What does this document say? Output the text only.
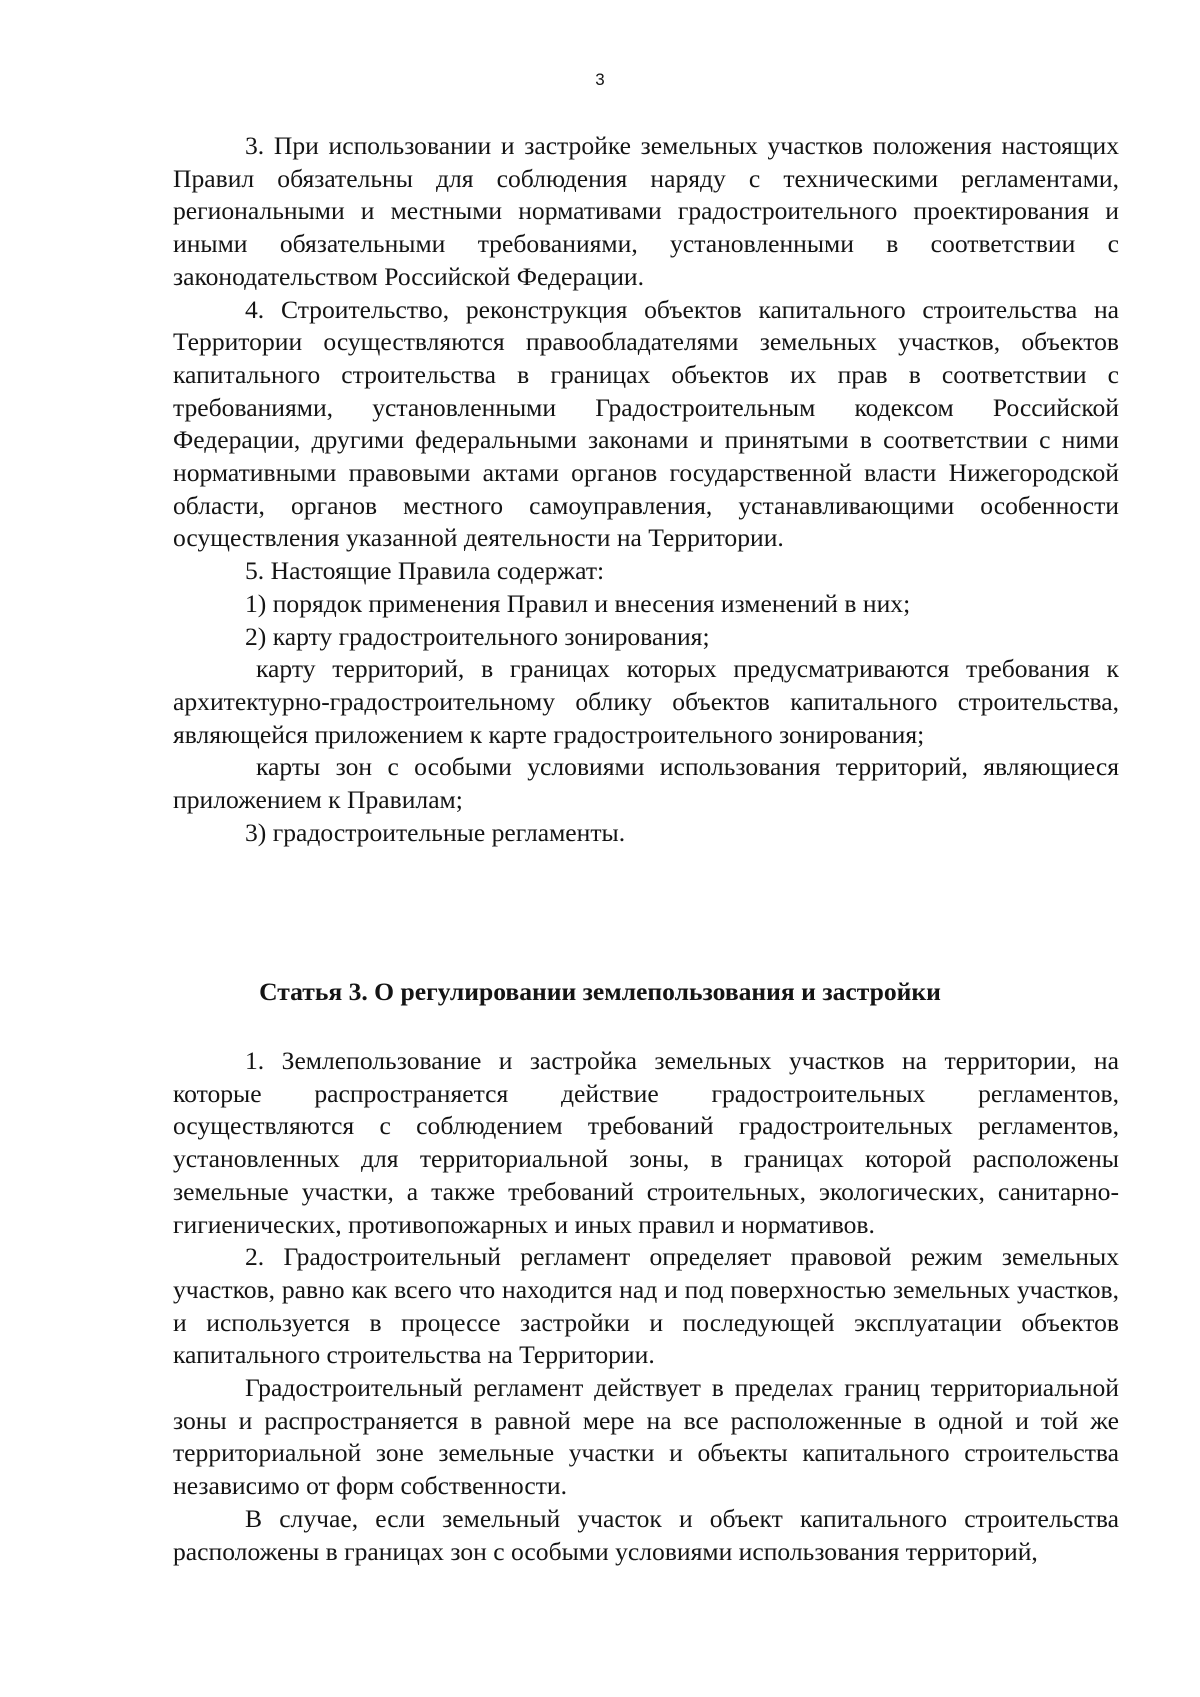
3

3. При использовании и застройке земельных участков положения настоящих Правил обязательны для соблюдения наряду с техническими регламентами, региональными и местными нормативами градостроительного проектирования и иными обязательными требованиями, установленными в соответствии с законодательством Российской Федерации.

4. Строительство, реконструкция объектов капитального строительства на Территории осуществляются правообладателями земельных участков, объектов капитального строительства в границах объектов их прав в соответствии с требованиями, установленными Градостроительным кодексом Российской Федерации, другими федеральными законами и принятыми в соответствии с ними нормативными правовыми актами органов государственной власти Нижегородской области, органов местного самоуправления, устанавливающими особенности осуществления указанной деятельности на Территории.

5. Настоящие Правила содержат:

1) порядок применения Правил и внесения изменений в них;

2) карту градостроительного зонирования;

карту территорий, в границах которых предусматриваются требования к архитектурно-градостроительному облику объектов капитального строительства, являющейся приложением к карте градостроительного зонирования;

карты зон с особыми условиями использования территорий, являющиеся приложением к Правилам;

3) градостроительные регламенты.

Статья 3. О регулировании землепользования и застройки

1. Землепользование и застройка земельных участков на территории, на которые распространяется действие градостроительных регламентов, осуществляются с соблюдением требований градостроительных регламентов, установленных для территориальной зоны, в границах которой расположены земельные участки, а также требований строительных, экологических, санитарно-гигиенических, противопожарных и иных правил и нормативов.

2. Градостроительный регламент определяет правовой режим земельных участков, равно как всего что находится над и под поверхностью земельных участков, и используется в процессе застройки и последующей эксплуатации объектов капитального строительства на Территории.

Градостроительный регламент действует в пределах границ территориальной зоны и распространяется в равной мере на все расположенные в одной и той же территориальной зоне земельные участки и объекты капитального строительства независимо от форм собственности.

В случае, если земельный участок и объект капитального строительства расположены в границах зон с особыми условиями использования территорий,
